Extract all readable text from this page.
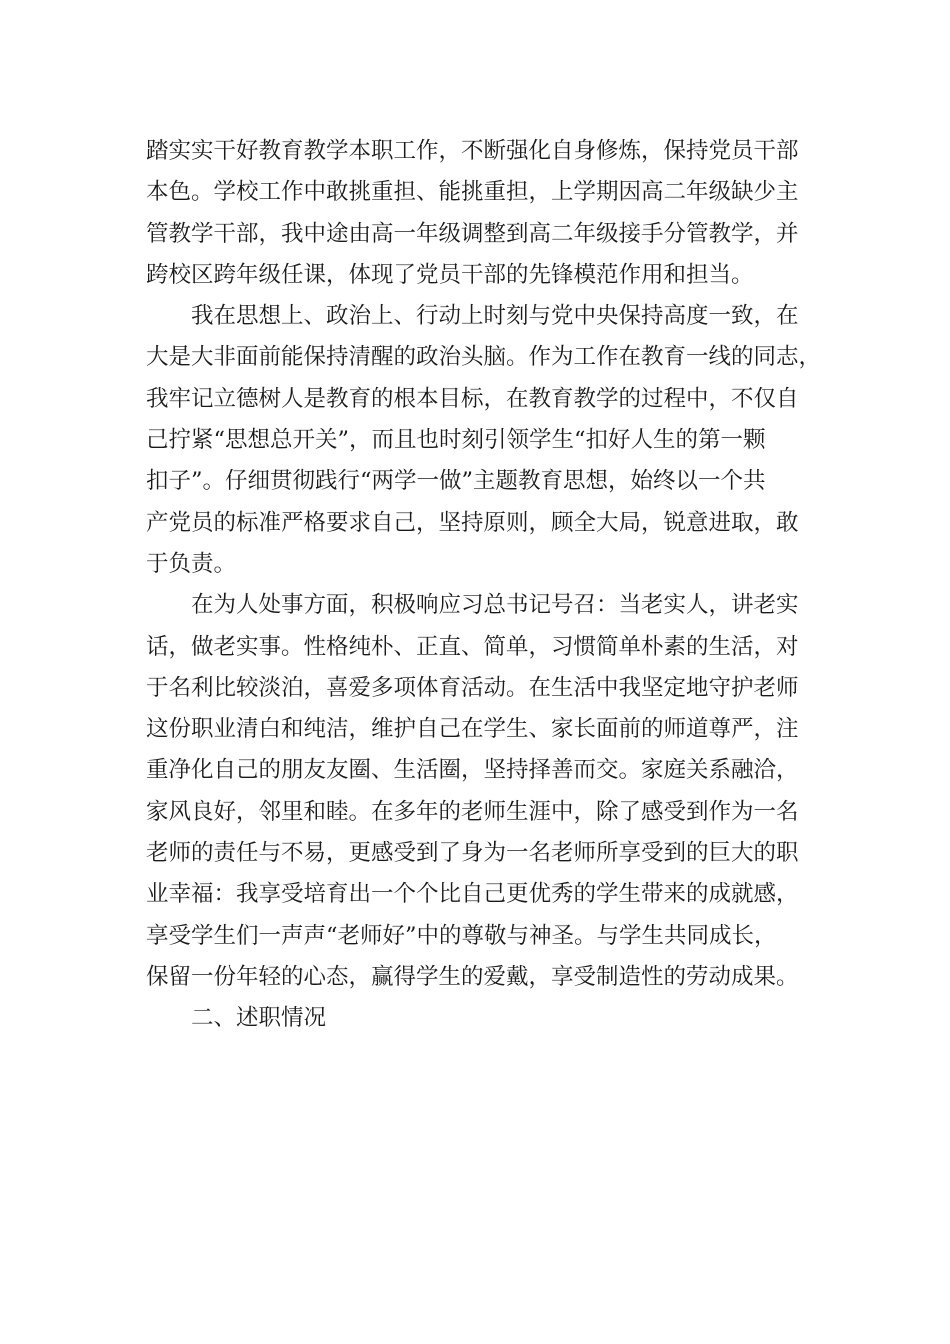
踏实实干好教育教学本职工作，不断强化自身修炼，保持党员干部
本色。学校工作中敢挑重担、能挑重担，上学期因高二年级缺少主
管教学干部，我中途由高一年级调整到高二年级接手分管教学，并
跨校区跨年级任课，体现了党员干部的先锋模范作用和担当。
我在思想上、政治上、行动上时刻与党中央保持高度一致，在
大是大非面前能保持清醒的政治头脑。作为工作在教育一线的同志，
我牢记立德树人是教育的根本目标，在教育教学的过程中，不仅自
己拧紧“思想总开关”，而且也时刻引领学生“扣好人生的第一颗
扣子”。仔细贯彻践行“两学一做”主题教育思想，始终以一个共
产党员的标准严格要求自己，坚持原则，顾全大局，锐意进取，敢
于负责。
在为人处事方面，积极响应习总书记号召：当老实人，讲老实
话，做老实事。性格纯朴、正直、简单，习惯简单朴素的生活，对
于名利比较淡泊，喜爱多项体育活动。在生活中我坚定地守护老师
这份职业清白和纯洁，维护自己在学生、家长面前的师道尊严，注
重净化自己的朋友友圈、生活圈，坚持择善而交。家庭关系融洽，
家风良好，邻里和睦。在多年的老师生涯中，除了感受到作为一名
老师的责任与不易，更感受到了身为一名老师所享受到的巨大的职
业幸福：我享受培育出一个个比自己更优秀的学生带来的成就感，
享受学生们一声声“老师好”中的尊敬与神圣。与学生共同成长，
保留一份年轻的心态，赢得学生的爱戴，享受制造性的劳动成果。
二、述职情况
